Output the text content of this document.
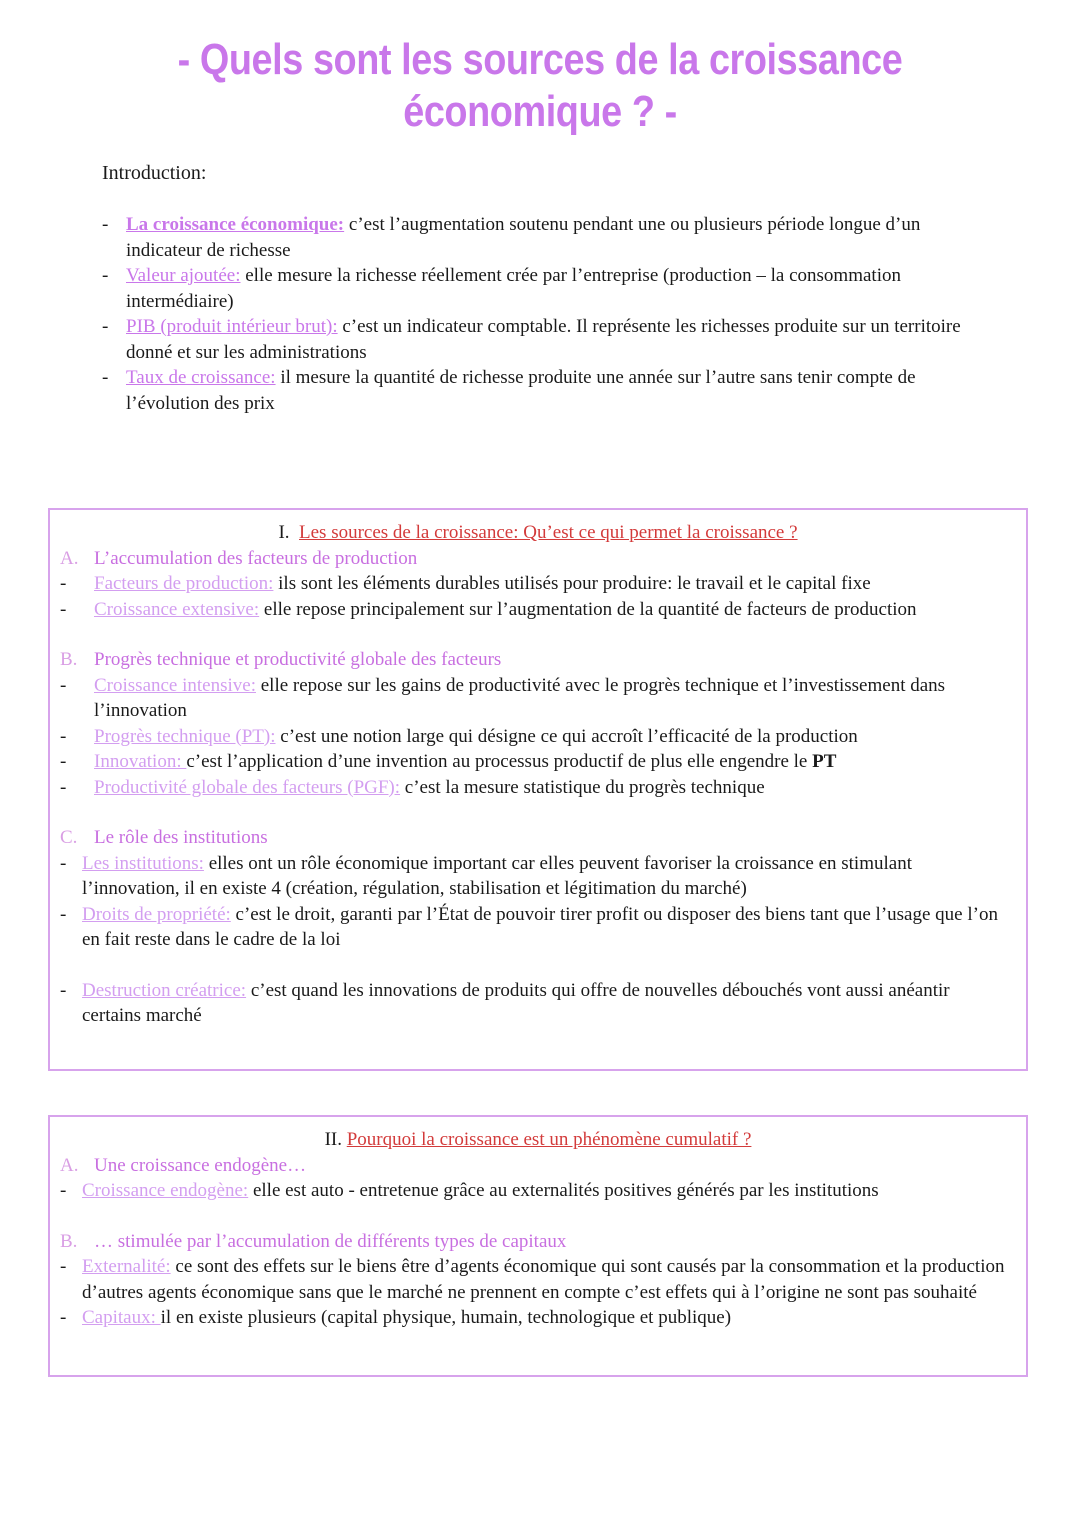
- Quels sont les sources de la croissance
économique ? -
Introduction:
- La croissance économique: c’est l’augmentation soutenu pendant une ou plusieurs période longue d’un indicateur de richesse
- Valeur ajoutée: elle mesure la richesse réellement crée par l’entreprise (production – la consommation intermédiaire)
- PIB (produit intérieur brut): c’est un indicateur comptable. Il représente les richesses produite sur un territoire donné et sur les administrations
- Taux de croissance: il mesure la quantité de richesse produite une année sur l’autre sans tenir compte de l’évolution des prix
I. Les sources de la croissance: Qu’est ce qui permet la croissance ?
A. L’accumulation des facteurs de production
- Facteurs de production: ils sont les éléments durables utilisés pour produire: le travail et le capital fixe
- Croissance extensive: elle repose principalement sur l’augmentation de la quantité de facteurs de production
B. Progrès technique et productivité globale des facteurs
- Croissance intensive: elle repose sur les gains de productivité avec le progrès technique et l’investissement dans l’innovation
- Progrès technique (PT): c’est une notion large qui désigne ce qui accroît l’efficacité de la production
- Innovation: c’est l’application d’une invention au processus productif de plus elle engendre le PT
- Productivité globale des facteurs (PGF): c’est la mesure statistique du progrès technique
C. Le rôle des institutions
- Les institutions: elles ont un rôle économique important car elles peuvent favoriser la croissance en stimulant l’innovation, il en existe 4 (création, régulation, stabilisation et légitimation du marché)
- Droits de propriété: c’est le droit, garanti par l’État de pouvoir tirer profit ou disposer des biens tant que l’usage que l’on en fait reste dans le cadre de la loi
- Destruction créatrice: c’est quand les innovations de produits qui offre de nouvelles débouchés vont aussi anéantir certains marché
II. Pourquoi la croissance est un phénomène cumulatif ?
A. Une croissance endogène…
- Croissance endogène: elle est auto - entretenue grâce au externalités positives générés par les institutions
B. … stimulée par l’accumulation de différents types de capitaux
- Externalité: ce sont des effets sur le biens être d’agents économique qui sont causés par la consommation et la production d’autres agents économique sans que le marché ne prennent en compte c’est effets qui à l’origine ne sont pas souhaité
- Capitaux: il en existe plusieurs (capital physique, humain, technologique et publique)
